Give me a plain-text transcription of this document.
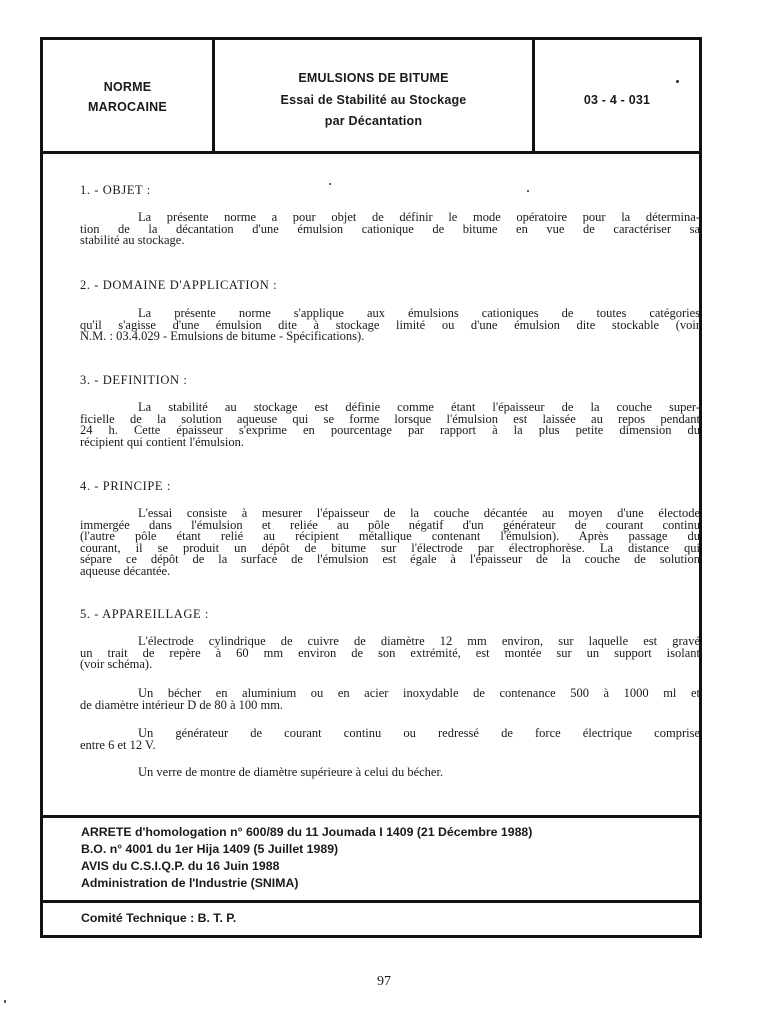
NORME
MAROCAINE
EMULSIONS DE BITUME
Essai de Stabilité au Stockage
par Décantation
03 - 4 - 031
ARRETE d'homologation n° 600/89 du 11 Joumada I 1409 (21 Décembre 1988)
B.O. n° 4001 du 1er Hija 1409 (5 Juillet 1989)
AVIS du C.S.I.Q.P. du 16 Juin 1988
Administration de l'Industrie (SNIMA)
Comité Technique : B. T. P.
1. - OBJET :
La présente norme a pour objet de définir le mode opératoire pour la détermina-
tion de la décantation d'une émulsion cationique de bitume en vue de caractériser sa
stabilité au stockage.
2. - DOMAINE D'APPLICATION :
La présente norme s'applique aux émulsions cationiques de toutes catégories
qu'il s'agisse d'une émulsion dite à stockage limité ou d'une émulsion dite stockable (voir
N.M. : 03.4.029 - Emulsions de bitume - Spécifications).
3. - DEFINITION :
La stabilité au stockage est définie comme étant l'épaisseur de la couche super-
ficielle de la solution aqueuse qui se forme lorsque l'émulsion est laissée au repos pendant
24 h. Cette épaisseur s'exprime en pourcentage par rapport à la plus petite dimension du
récipient qui contient l'émulsion.
4. - PRINCIPE :
L'essai consiste à mesurer l'épaisseur de la couche décantée au moyen d'une électode
immergée dans l'émulsion et reliée au pôle négatif d'un générateur de courant continu
(l'autre pôle étant relié au récipient métallique contenant l'émulsion). Après passage du
courant, il se produit un dépôt de bitume sur l'électrode par électrophorèse. La distance qui
sépare ce dépôt de la surface de l'émulsion est égale à l'épaisseur de la couche de solution
aqueuse décantée.
5. - APPAREILLAGE :
L'électrode cylindrique de cuivre de diamètre 12 mm environ, sur laquelle est gravé
un trait de repère à 60 mm environ de son extrémité, est montée sur un support isolant
(voir schéma).
Un bécher en aluminium ou en acier inoxydable de contenance 500 à 1000 ml et
de diamètre intérieur D de 80 à 100 mm.
Un générateur de courant continu ou redressé de force électrique comprise
entre 6 et 12 V.
Un verre de montre de diamètre supérieure à celui du bécher.
97
